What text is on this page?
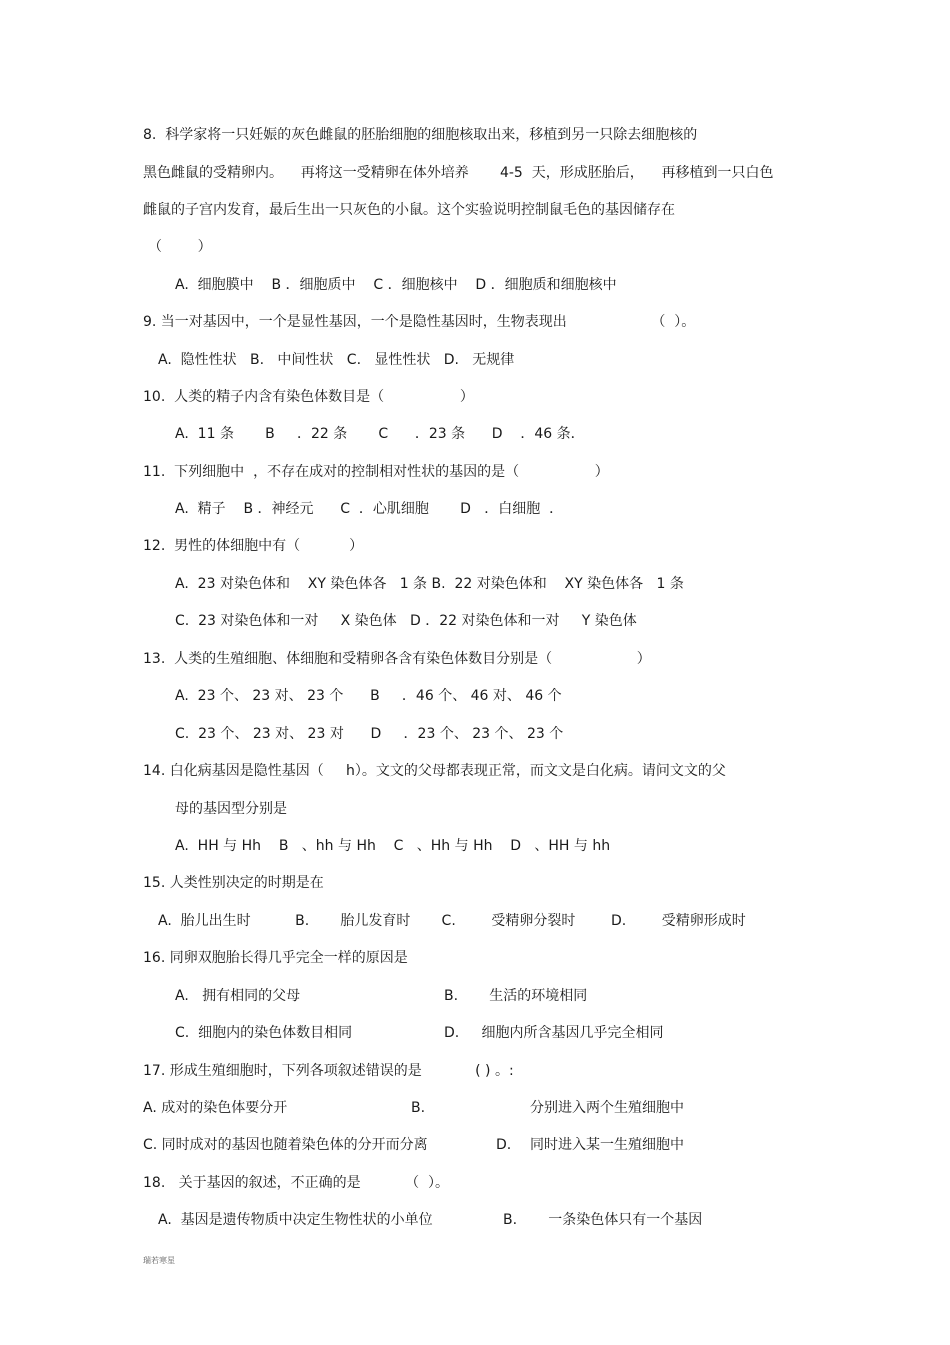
8.  科学家将一只妊娠的灰色雌鼠的胚胎细胞的细胞核取出来，移植到另一只除去细胞核的
黑色雌鼠的受精卵内。    再将这一受精卵在体外培养       4-5  天，形成胚胎后，    再移植到一只白色
雌鼠的子宫内发育，最后生出一只灰色的小鼠。这个实验说明控制鼠毛色的基因储存在
（        ）
A.  细胞膜中    B ．细胞质中    C ．细胞核中    D ．细胞质和细胞核中
9. 当一对基因中，一个是显性基因，一个是隐性基因时，生物表现出                   （  ）。
A.  隐性性状   B.   中间性状   C.   显性性状   D.   无规律
10.  人类的精子内含有染色体数目是（                 ）
A.  11 条       B     ．22 条       C      ．23 条      D    ．46 条．
11.  下列细胞中  ，不存在成对的控制相对性状的基因的是（                 ）
A.  精子    B ．神经元      C  ．心肌细胞       D   ．白细胞  ．
12.  男性的体细胞中有（           ）
A.  23 对染色体和    XY 染色体各   1 条 B.  22 对染色体和    XY 染色体各   1 条
C.  23 对染色体和一对     X 染色体   D ．22 对染色体和一对     Y 染色体
13.  人类的生殖细胞、体细胞和受精卵各含有染色体数目分别是（                   ）
A.  23 个、 23 对、 23 个      B     ．46 个、 46 对、 46 个
C.  23 个、 23 对、 23 对      D     ．23 个、 23 个、 23 个
14. 白化病基因是隐性基因（     h）。文文的父母都表现正常，而文文是白化病。请问文文的父
母的基因型分别是
A.  HH 与 Hh    B   、hh 与 Hh    C   、Hh 与 Hh    D   、HH 与 hh
15. 人类性别决定的时期是在
A.  胎儿出生时          B.       胎儿发育时       C.        受精卵分裂时        D.        受精卵形成时
16. 同卵双胞胎长得几乎完全一样的原因是
A.   拥有相同的父母	B.       生活的环境相同
C.  细胞内的染色体数目相同	D.     细胞内所含基因几乎完全相同
17. 形成生殖细胞时，下列各项叙述错误的是            ( ) 。:
A. 成对的染色体要分开	B.	分别进入两个生殖细胞中
C. 同时成对的基因也随着染色体的分开而分离	D. 同时进入某一生殖细胞中
18.   关于基因的叙述，不正确的是          （  ）。
A.  基因是遗传物质中决定生物性状的小单位	B.       一条染色体只有一个基因
瑞若寒星
